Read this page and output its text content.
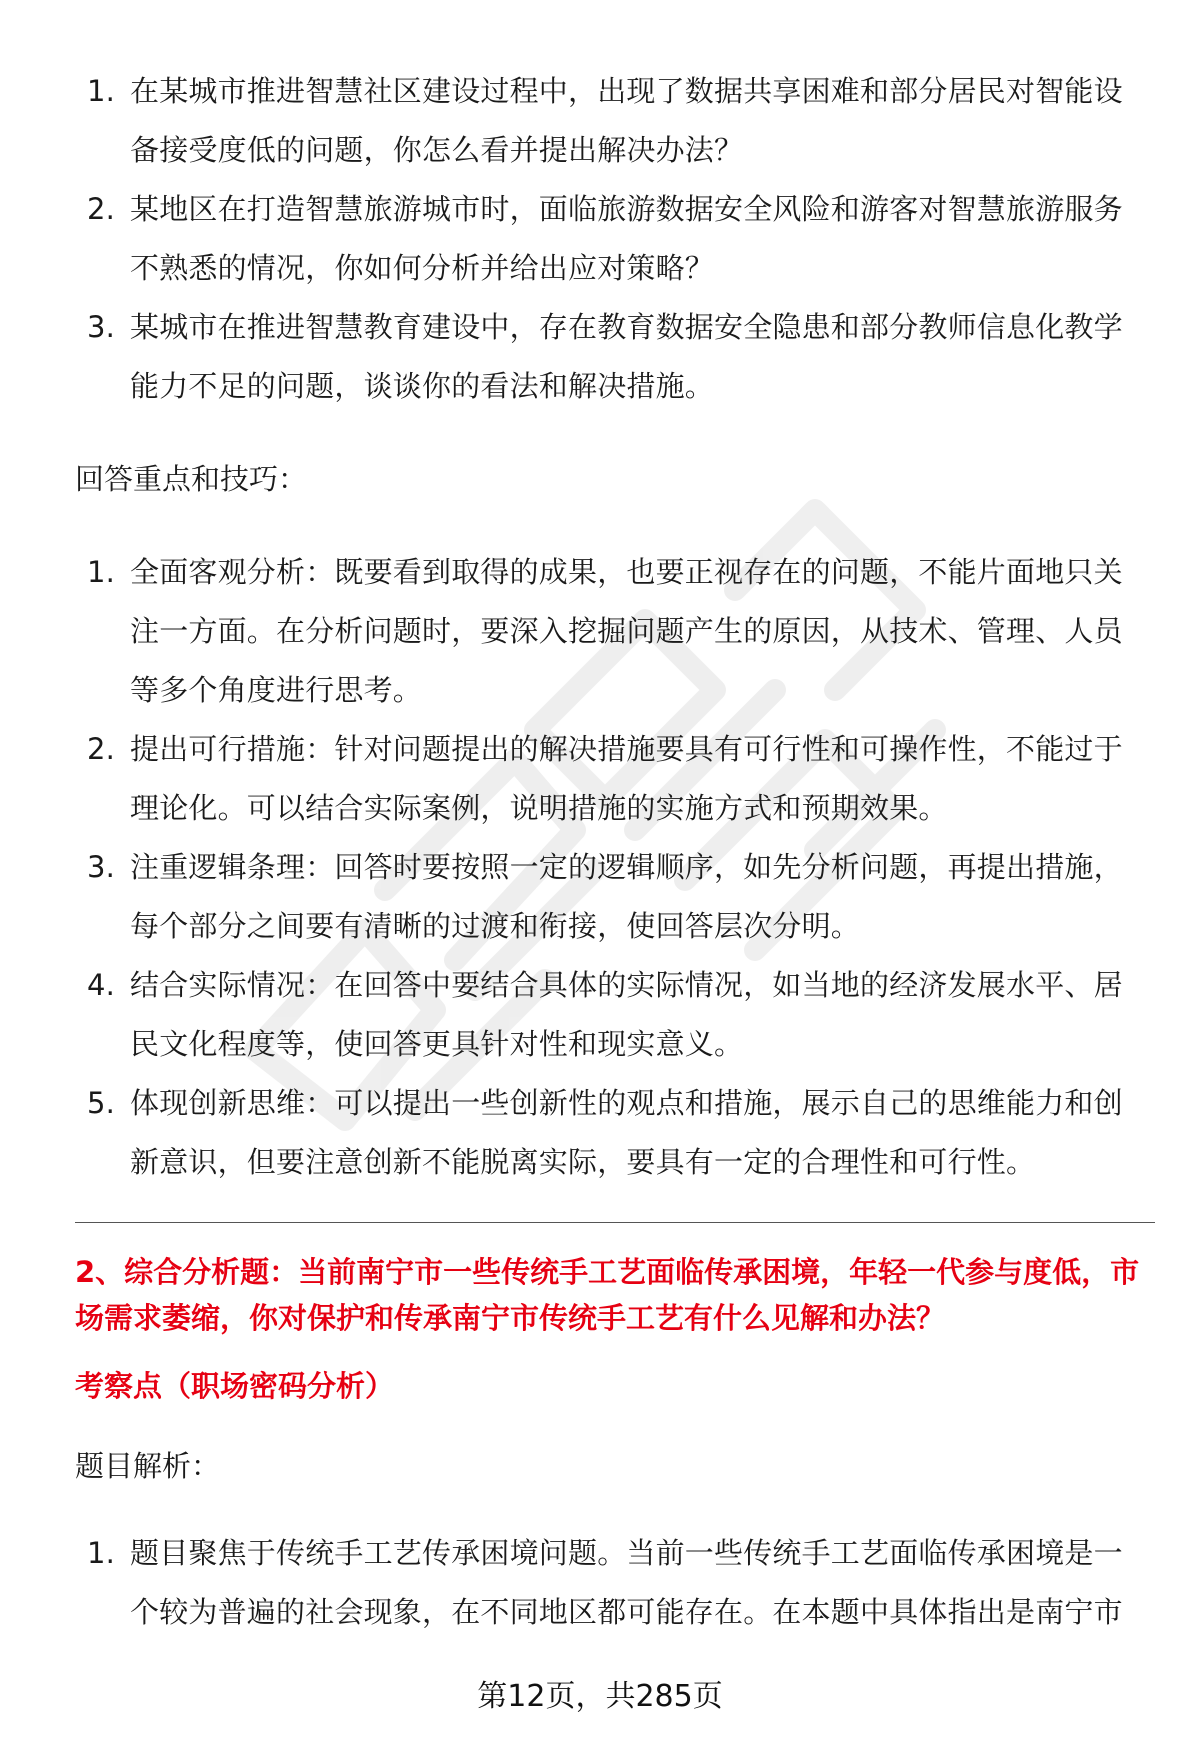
1. 在某城市推进智慧社区建设过程中，出现了数据共享困难和部分居民对智能设备接受度低的问题，你怎么看并提出解决办法？
2. 某地区在打造智慧旅游城市时，面临旅游数据安全风险和游客对智慧旅游服务不熟悉的情况，你如何分析并给出应对策略？
3. 某城市在推进智慧教育建设中，存在教育数据安全隐患和部分教师信息化教学能力不足的问题，谈谈你的看法和解决措施。

回答重点和技巧：

1. 全面客观分析：既要看到取得的成果，也要正视存在的问题，不能片面地只关注一方面。在分析问题时，要深入挖掘问题产生的原因，从技术、管理、人员等多个角度进行思考。
2. 提出可行措施：针对问题提出的解决措施要具有可行性和可操作性，不能过于理论化。可以结合实际案例，说明措施的实施方式和预期效果。
3. 注重逻辑条理：回答时要按照一定的逻辑顺序，如先分析问题，再提出措施，每个部分之间要有清晰的过渡和衔接，使回答层次分明。
4. 结合实际情况：在回答中要结合具体的实际情况，如当地的经济发展水平、居民文化程度等，使回答更具针对性和现实意义。
5. 体现创新思维：可以提出一些创新性的观点和措施，展示自己的思维能力和创新意识，但要注意创新不能脱离实际，要具有一定的合理性和可行性。

2、综合分析题：当前南宁市一些传统手工艺面临传承困境，年轻一代参与度低，市场需求萎缩，你对保护和传承南宁市传统手工艺有什么见解和办法？

考察点（职场密码分析）

题目解析：

1. 题目聚焦于传统手工艺传承困境问题。当前一些传统手工艺面临传承困境是一个较为普遍的社会现象，在不同地区都可能存在。在本题中具体指出是南宁市
第12页，共285页
